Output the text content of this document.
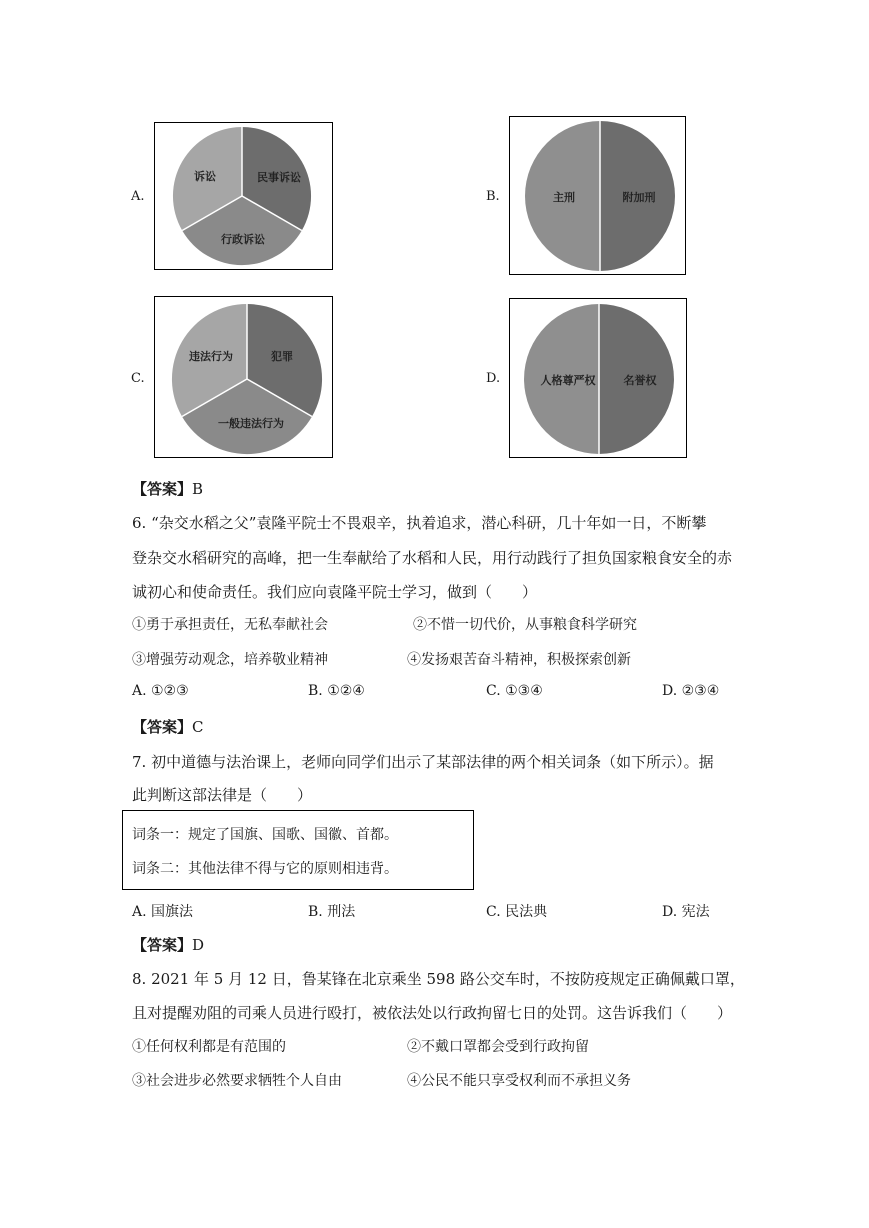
A.
民事诉讼
行政诉讼
诉讼
B.	附加刑
主刑
C.
犯罪
一般违法行为
违法行为
D.	名誉权
人格尊严权
【答案】B
6. “杂交水稻之父”袁隆平院士不畏艰辛，执着追求，潜心科研，几十年如一日，不断攀
登杂交水稻研究的高峰，把一生奉献给了水稻和人民，用行动践行了担负国家粮食安全的赤
诚初心和使命责任。我们应向袁隆平院士学习，做到（　　）
①勇于承担责任，无私奉献社会	②不惜一切代价，从事粮食科学研究
③增强劳动观念，培养敬业精神	④发扬艰苦奋斗精神，积极探索创新
A. ①②③	B. ①②④	C. ①③④	D. ②③④
【答案】C
7. 初中道德与法治课上，老师向同学们出示了某部法律的两个相关词条（如下所示）。据
此判断这部法律是（　　）
词条一：规定了国旗、国歌、国徽、首都。
词条二：其他法律不得与它的原则相违背。
A. 国旗法	B. 刑法	C. 民法典	D. 宪法
【答案】D
8. 2021 年 5 月 12 日，鲁某锋在北京乘坐 598 路公交车时，不按防疫规定正确佩戴口罩，
且对提醒劝阻的司乘人员进行殴打，被依法处以行政拘留七日的处罚。这告诉我们（　　）
①任何权利都是有范围的	②不戴口罩都会受到行政拘留
③社会进步必然要求牺牲个人自由	④公民不能只享受权利而不承担义务
